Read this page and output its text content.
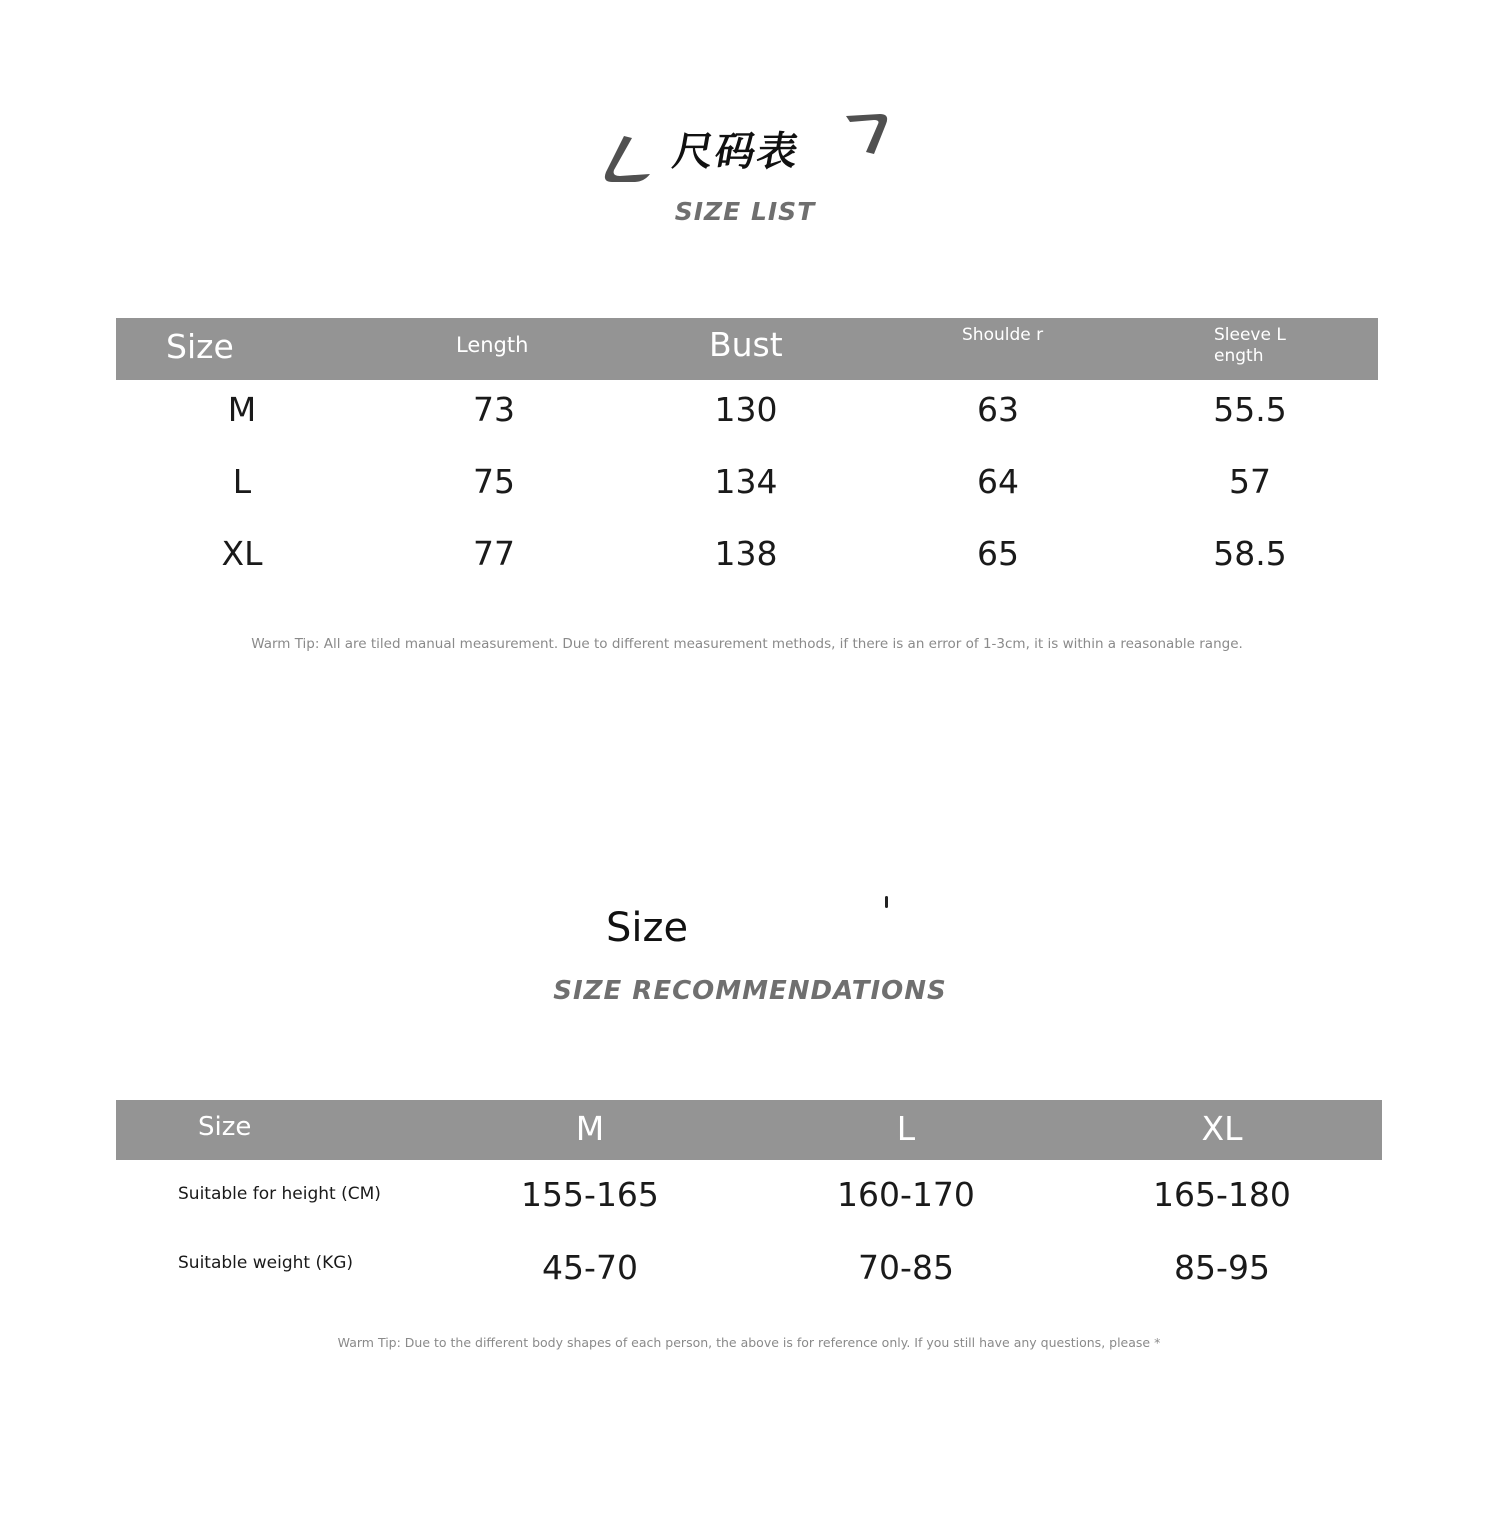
尺码表
SIZE LIST
Size	Length	Bust	Shoulde r	Sleeve L ength
M	73	130	63	55.5
L	75	134	64	57
XL	77	138	65	58.5
Warm Tip: All are tiled manual measurement. Due to different measurement methods, if there is an error of 1-3cm, it is within a reasonable range.
Size
SIZE RECOMMENDATIONS
Size	M	L	XL
Suitable for height (CM)	155-165	160-170	165-180
Suitable weight (KG)	45-70	70-85	85-95
Warm Tip: Due to the different body shapes of each person, the above is for reference only. If you still have any questions, please *
